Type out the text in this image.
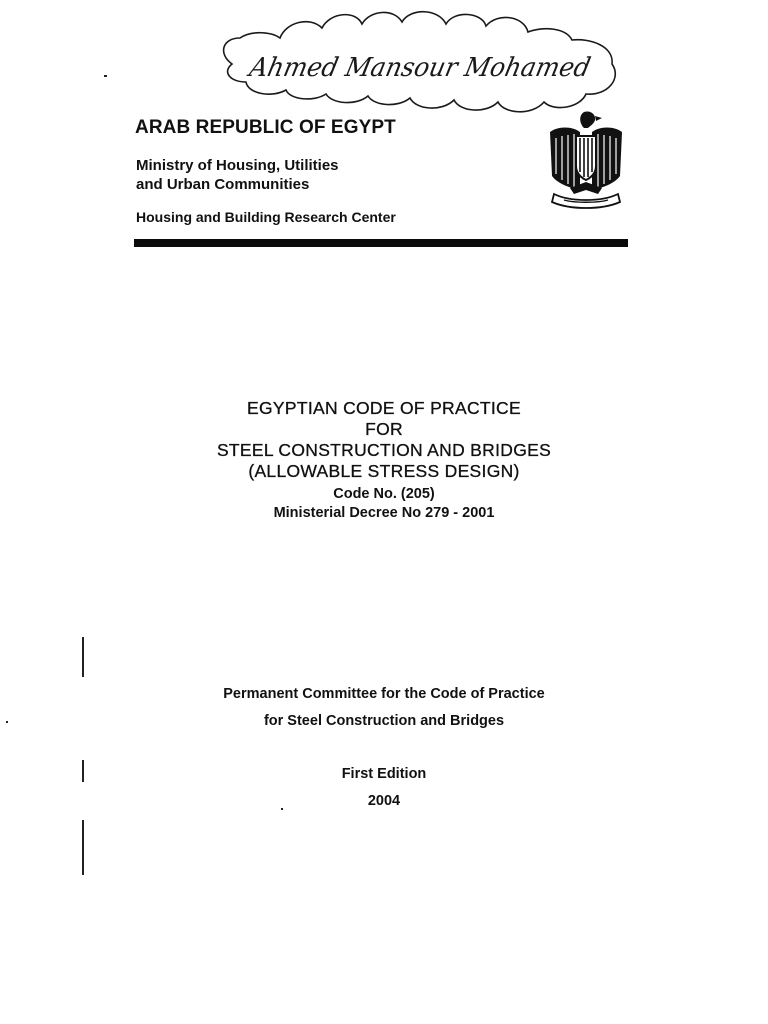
Ahmed Mansour Mohamed
ARAB REPUBLIC OF EGYPT
Ministry of Housing, Utilities
and Urban Communities
Housing and Building Research Center
EGYPTIAN CODE OF PRACTICE
FOR
STEEL CONSTRUCTION AND BRIDGES
(ALLOWABLE STRESS DESIGN)
Code No. (205)
Ministerial Decree No 279 - 2001
Permanent Committee for the Code of Practice
for Steel Construction and Bridges
First Edition
2004
